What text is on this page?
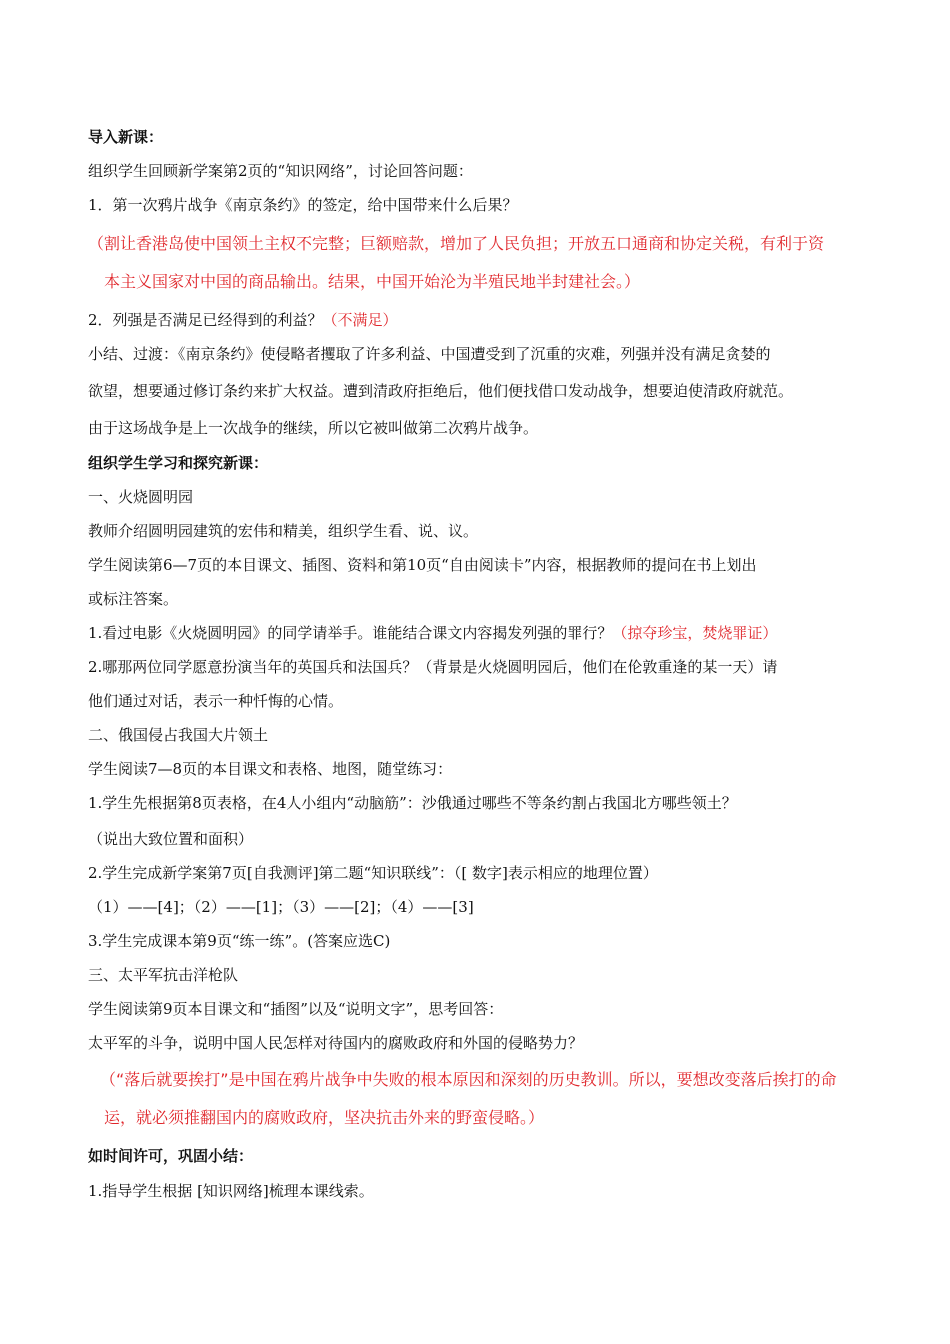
导入新课：
组织学生回顾新学案第2页的“知识网络”，讨论回答问题：
1．第一次鸦片战争《南京条约》的签定，给中国带来什么后果？
（割让香港岛使中国领土主权不完整；巨额赔款，增加了人民负担；开放五口通商和协定关税，有利于资
本主义国家对中国的商品输出。结果，中国开始沦为半殖民地半封建社会。）
2．列强是否满足已经得到的利益？（不满足）
小结、过渡：《南京条约》使侵略者攫取了许多利益、中国遭受到了沉重的灾难，列强并没有满足贪婪的
欲望，想要通过修订条约来扩大权益。遭到清政府拒绝后，他们便找借口发动战争，想要迫使清政府就范。
由于这场战争是上一次战争的继续，所以它被叫做第二次鸦片战争。
组织学生学习和探究新课：
一、火烧圆明园
教师介绍圆明园建筑的宏伟和精美，组织学生看、说、议。
学生阅读第6—7页的本目课文、插图、资料和第10页“自由阅读卡”内容，根据教师的提问在书上划出
或标注答案。
1.看过电影《火烧圆明园》的同学请举手。谁能结合课文内容揭发列强的罪行？（掠夺珍宝，焚烧罪证）
2.哪那两位同学愿意扮演当年的英国兵和法国兵？（背景是火烧圆明园后，他们在伦敦重逢的某一天）请
他们通过对话，表示一种忏悔的心情。
二、俄国侵占我国大片领土
学生阅读7—8页的本目课文和表格、地图，随堂练习：
1.学生先根据第8页表格，在4人小组内“动脑筋”：沙俄通过哪些不等条约割占我国北方哪些领土？
（说出大致位置和面积）
2.学生完成新学案第7页[自我测评]第二题“知识联线”：（[ 数字]表示相应的地理位置）
（1）——[4]；（2）——[1]；（3）——[2]；（4）——[3]
3.学生完成课本第9页“练一练”。(答案应选C)
三、太平军抗击洋枪队
学生阅读第9页本目课文和“插图”以及“说明文字”，思考回答：
太平军的斗争，说明中国人民怎样对待国内的腐败政府和外国的侵略势力？
（“落后就要挨打”是中国在鸦片战争中失败的根本原因和深刻的历史教训。所以，要想改变落后挨打的命
运，就必须推翻国内的腐败政府，坚决抗击外来的野蛮侵略。）
如时间许可，巩固小结：
1.指导学生根据 [知识网络]梳理本课线索。
